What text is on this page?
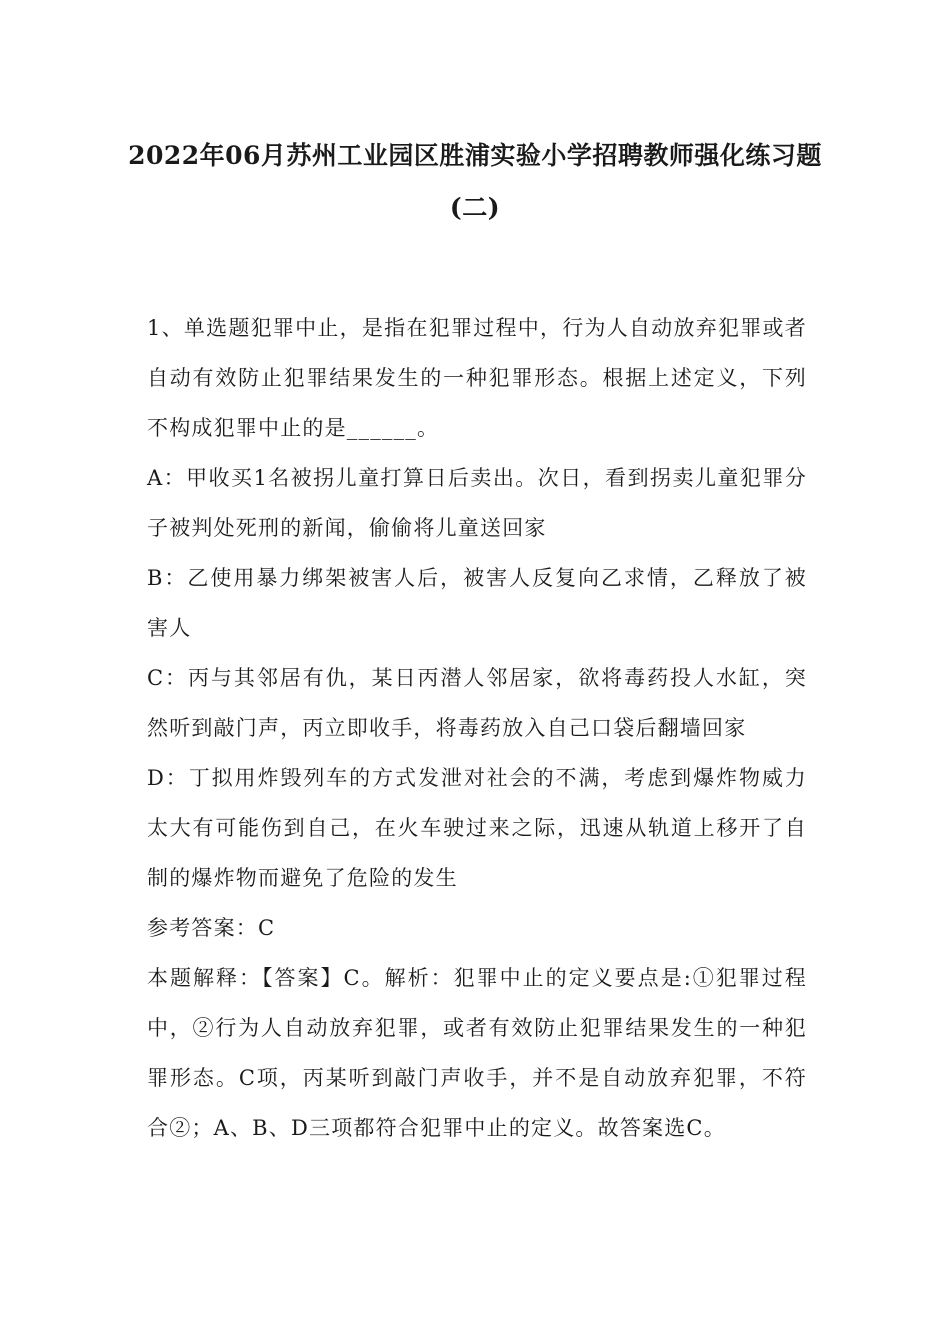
2022年06月苏州工业园区胜浦实验小学招聘教师强化练习题
(二)

1、单选题犯罪中止，是指在犯罪过程中，行为人自动放弃犯罪或者自动有效防止犯罪结果发生的一种犯罪形态。根据上述定义，下列不构成犯罪中止的是______。

A：甲收买1名被拐儿童打算日后卖出。次日，看到拐卖儿童犯罪分子被判处死刑的新闻，偷偷将儿童送回家

B：乙使用暴力绑架被害人后，被害人反复向乙求情，乙释放了被害人

C：丙与其邻居有仇，某日丙潜人邻居家，欲将毒药投人水缸，突然听到敲门声，丙立即收手，将毒药放入自己口袋后翻墙回家

D：丁拟用炸毁列车的方式发泄对社会的不满，考虑到爆炸物威力太大有可能伤到自己，在火车驶过来之际，迅速从轨道上移开了自制的爆炸物而避免了危险的发生

参考答案：C

本题解释：【答案】C。解析：犯罪中止的定义要点是:①犯罪过程中，②行为人自动放弃犯罪，或者有效防止犯罪结果发生的一种犯罪形态。C项，丙某听到敲门声收手，并不是自动放弃犯罪，不符合②；A、B、D三项都符合犯罪中止的定义。故答案选C。
